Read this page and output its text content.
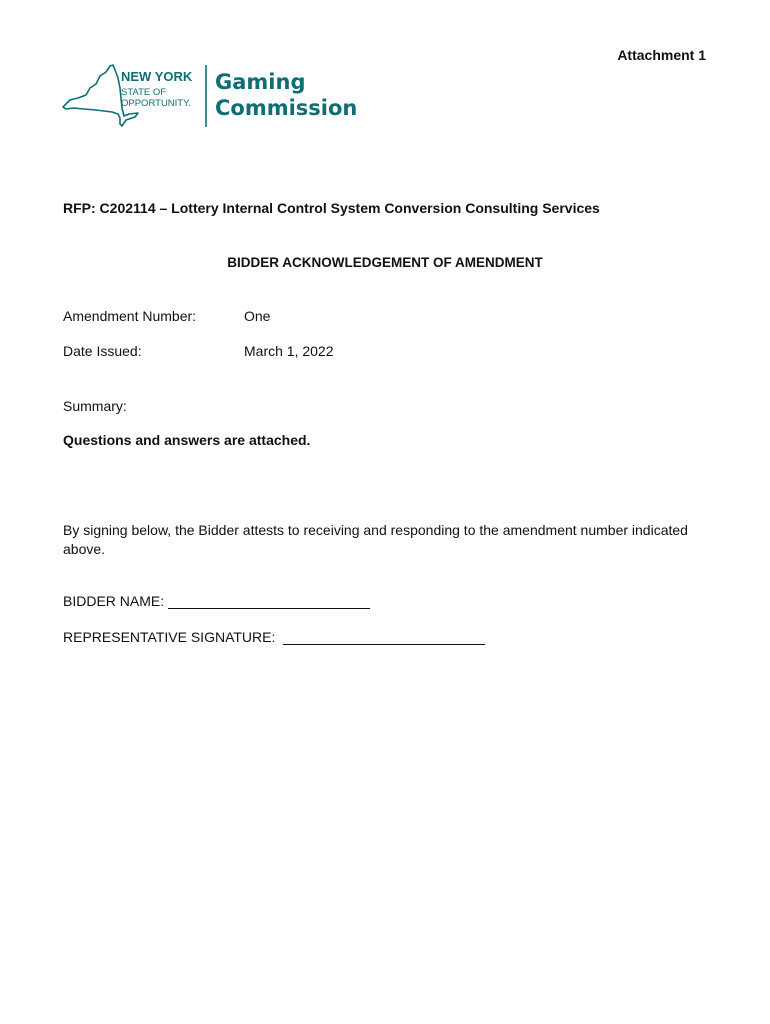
Attachment 1
NEW YORK
STATE OF
OPPORTUNITY.
Gaming
Commission
RFP: C202114 – Lottery Internal Control System Conversion Consulting Services
BIDDER ACKNOWLEDGEMENT OF AMENDMENT
Amendment Number:	One
Date Issued:	March 1, 2022
Summary:
Questions and answers are attached.
By signing below, the Bidder attests to receiving and responding to the amendment number indicated above.
BIDDER NAME:
REPRESENTATIVE SIGNATURE:
